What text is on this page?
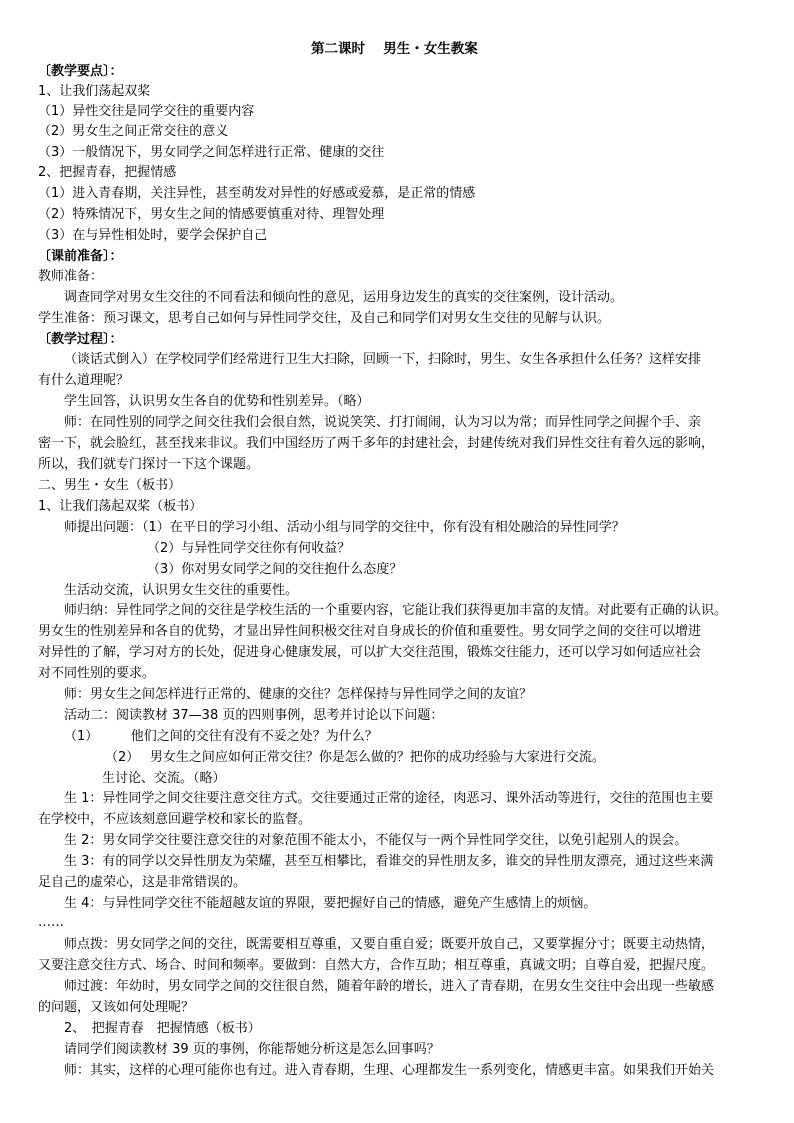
第二课时　 男生・女生教案
〔教学要点〕：
1、让我们荡起双桨
（1）异性交往是同学交往的重要内容
（2）男女生之间正常交往的意义
（3）一般情况下，男女同学之间怎样进行正常、健康的交往
2、把握青春，把握情感
（1）进入青春期，关注异性，甚至萌发对异性的好感或爱慕，是正常的情感
（2）特殊情况下，男女生之间的情感要慎重对待、理智处理
（3）在与异性相处时，要学会保护自己
〔课前准备〕：
教师准备：
调查同学对男女生交往的不同看法和倾向性的意见，运用身边发生的真实的交往案例，设计活动。
学生准备：预习课文，思考自己如何与异性同学交往，及自己和同学们对男女生交往的见解与认识。
〔教学过程〕：
（谈话式倒入）在学校同学们经常进行卫生大扫除，回顾一下，扫除时，男生、女生各承担什么任务？这样安排
有什么道理呢？
学生回答，认识男女生各自的优势和性别差异。（略）
师：在同性别的同学之间交往我们会很自然，说说笑笑、打打闹闹，认为习以为常；而异性同学之间握个手、亲
密一下，就会脸红，甚至找来非议。我们中国经历了两千多年的封建社会，封建传统对我们异性交往有着久远的影响，
所以，我们就专门探讨一下这个课题。
二、男生・女生（板书）
1、让我们荡起双桨（板书）
师提出问题：（1）在平日的学习小组、活动小组与同学的交往中，你有没有相处融洽的异性同学？
（2）与异性同学交往你有何收益？
（3）你对男女同学之间的交往抱什么态度？
生活动交流，认识男女生交往的重要性。
师归纳：异性同学之间的交往是学校生活的一个重要内容，它能让我们获得更加丰富的友情。对此要有正确的认识。
男女生的性别差异和各自的优势，才显出异性间积极交往对自身成长的价值和重要性。男女同学之间的交往可以增进
对异性的了解，学习对方的长处，促进身心健康发展，可以扩大交往范围，锻炼交往能力，还可以学习如何适应社会
对不同性别的要求。
师：男女生之间怎样进行正常的、健康的交往？怎样保持与异性同学之间的友谊？
活动二：阅读教材 37—38 页的四则事例，思考并讨论以下问题：
（1）　　　他们之间的交往有没有不妥之处？为什么？
（2）　 男女生之间应如何正常交往？你是怎么做的？把你的成功经验与大家进行交流。
生讨论、交流。（略）
生 1：异性同学之间交往要注意交往方式。交往要通过正常的途径，肉恶习、课外活动等进行，交往的范围也主要
在学校中，不应该刻意回避学校和家长的监督。
生 2：男女同学交往要注意交往的对象范围不能太小，不能仅与一两个异性同学交往，以免引起别人的误会。
生 3：有的同学以交异性朋友为荣耀，甚至互相攀比，看谁交的异性朋友多，谁交的异性朋友漂亮，通过这些来满
足自己的虚荣心，这是非常错误的。
生 4：与异性同学交往不能超越友谊的界限，要把握好自己的情感，避免产生感情上的烦恼。
……
师点拨：男女同学之间的交往，既需要相互尊重，又要自重自爱；既要开放自己，又要掌握分寸；既要主动热情，
又要注意交往方式、场合、时间和频率。要做到：自然大方，合作互助；相互尊重，真诚文明；自尊自爱，把握尺度。
师过渡：年幼时，男女同学之间的交往很自然，随着年龄的增长，进入了青春期，在男女生交往中会出现一些敏感
的问题，又该如何处理呢？
2、　把握青春　把握情感（板书）
请同学们阅读教材 39 页的事例，你能帮她分析这是怎么回事吗？
师：其实，这样的心理可能你也有过。进入青春期，生理、心理都发生一系列变化，情感更丰富。如果我们开始关
